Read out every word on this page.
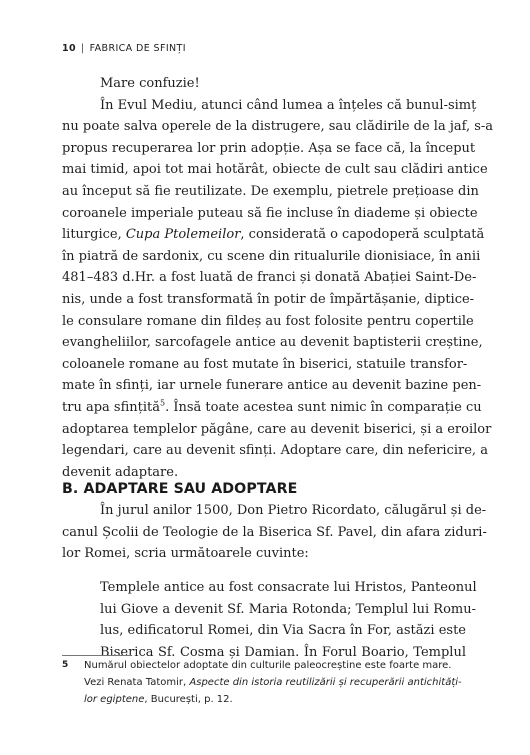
10 | FABRICA DE SFINȚI
Mare confuzie!
În Evul Mediu, atunci când lumea a înțeles că bunul-simț
nu poate salva operele de la distrugere, sau clădirile de la jaf, s-a
propus recuperarea lor prin adopție. Așa se face că, la început
mai timid, apoi tot mai hotărât, obiecte de cult sau clădiri antice
au început să fie reutilizate. De exemplu, pietrele prețioase din
coroanele imperiale puteau să fie incluse în diademe și obiecte
liturgice, Cupa Ptolemeilor, considerată o capodoperă sculptată
în piatră de sardonix, cu scene din ritualurile dionisiace, în anii
481–483 d.Hr. a fost luată de franci și donată Abației Saint-De-
nis, unde a fost transformată în potir de împărtășanie, diptice-
le consulare romane din fildeș au fost folosite pentru copertile
evangheliilor, sarcofagele antice au devenit baptisterii creștine,
coloanele romane au fost mutate în biserici, statuile transfor-
mate în sfinți, iar urnele funerare antice au devenit bazine pen-
tru apa sfințită$^5$. Însă toate acestea sunt nimic în comparație cu
adoptarea templelor păgâne, care au devenit biserici, și a eroilor
legendari, care au devenit sfinți. Adoptare care, din nefericire, a
devenit adaptare.
B. ADAPTARE SAU ADOPTARE
În jurul anilor 1500, Don Pietro Ricordato, călugărul și de-
canul Școlii de Teologie de la Biserica Sf. Pavel, din afara ziduri-
lor Romei, scria următoarele cuvinte:
Templele antice au fost consacrate lui Hristos, Panteonul
lui Giove a devenit Sf. Maria Rotonda; Templul lui Romu-
lus, edificatorul Romei, din Via Sacra în For, astăzi este
Biserica Sf. Cosma și Damian. În Forul Boario, Templul
5	Numărul obiectelor adoptate din culturile paleocreștine este foarte mare.
Vezi Renata Tatomir, Aspecte din istoria reutilizării și recuperării antichități-
lor egiptene, București, p. 12.
